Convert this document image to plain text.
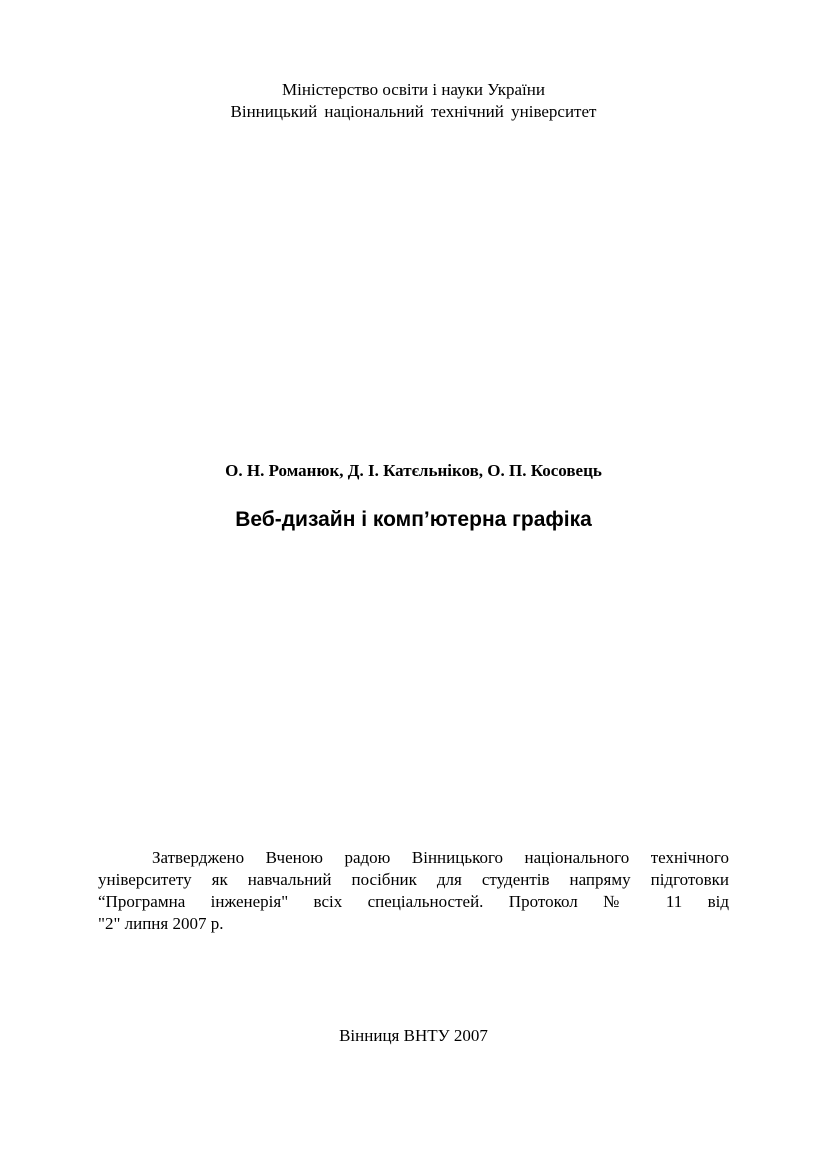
Міністерство освіти і науки України
Вінницький національний технічний університет
О. Н. Романюк, Д. І. Катєльніков, О. П. Косовець
Веб-дизайн і комп’ютерна графіка
Затверджено Вченою радою Вінницького національного технічного
університету як навчальний посібник для студентів напряму підготовки
“Програмна інженерія" всіх спеціальностей. Протокол № 11 від
"2" липня 2007 р.
Вінниця ВНТУ 2007
